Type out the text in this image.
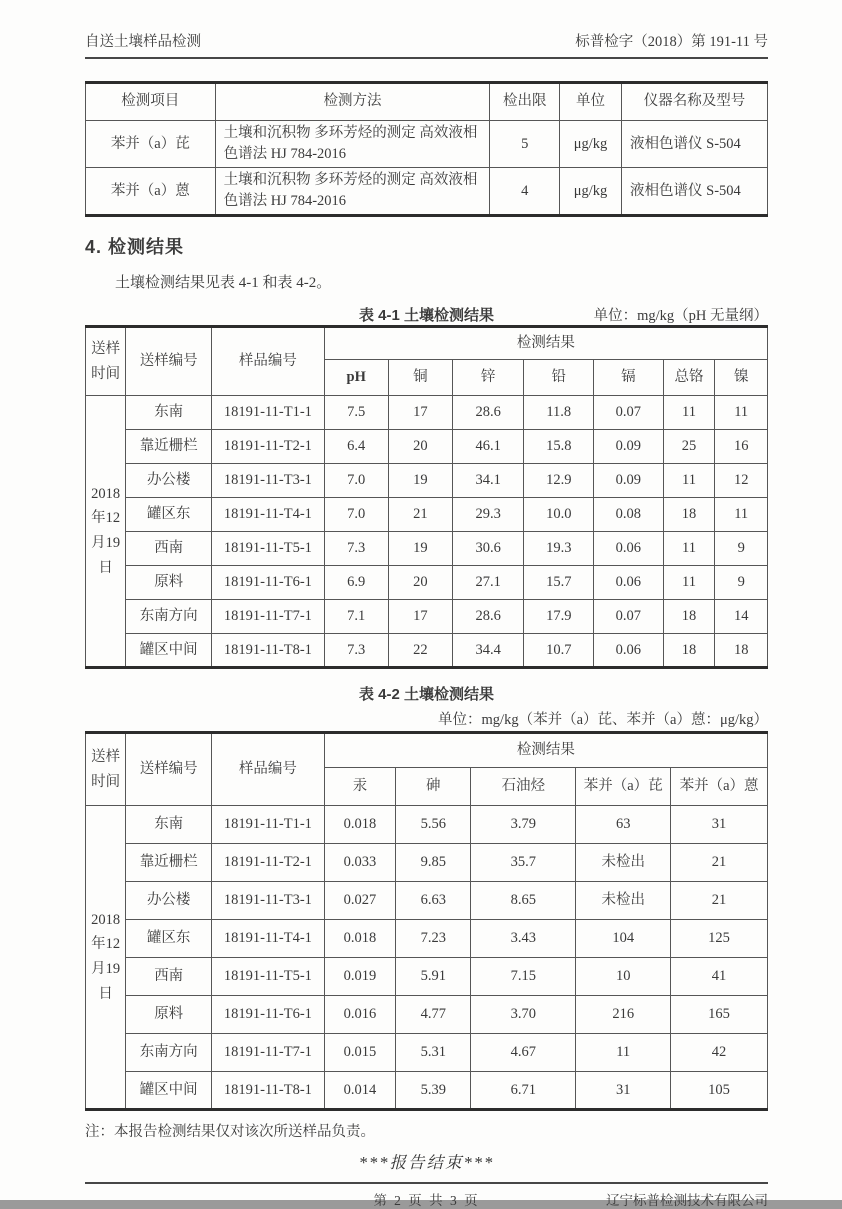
自送土壤样品检测	标普检字（2018）第 191-11 号
检测项目	检测方法	检出限	单位	仪器名称及型号
苯并（a）芘	土壤和沉积物 多环芳烃的测定 高效液相色谱法 HJ 784-2016	5	μg/kg	液相色谱仪 S-504
苯并（a）蒽	土壤和沉积物 多环芳烃的测定 高效液相色谱法 HJ 784-2016	4	μg/kg	液相色谱仪 S-504
4. 检测结果
土壤检测结果见表 4-1 和表 4-2。
表 4-1 土壤检测结果	单位：mg/kg（pH 无量纲）
送样时间	送样编号	样品编号	检测结果						
			pH	铜	锌	铅	镉	总铬	镍
2018年12月19日	东南	18191-11-T1-1	7.5	17	28.6	11.8	0.07	11	11
	靠近栅栏	18191-11-T2-1	6.4	20	46.1	15.8	0.09	25	16
	办公楼	18191-11-T3-1	7.0	19	34.1	12.9	0.09	11	12
	罐区东	18191-11-T4-1	7.0	21	29.3	10.0	0.08	18	11
	西南	18191-11-T5-1	7.3	19	30.6	19.3	0.06	11	9
	原料	18191-11-T6-1	6.9	20	27.1	15.7	0.06	11	9
	东南方向	18191-11-T7-1	7.1	17	28.6	17.9	0.07	18	14
	罐区中间	18191-11-T8-1	7.3	22	34.4	10.7	0.06	18	18
表 4-2 土壤检测结果
单位：mg/kg（苯并（a）芘、苯并（a）蒽：μg/kg）
送样时间	送样编号	样品编号	检测结果				
			汞	砷	石油烃	苯并（a）芘	苯并（a）蒽
2018年12月19日	东南	18191-11-T1-1	0.018	5.56	3.79	63	31
	靠近栅栏	18191-11-T2-1	0.033	9.85	35.7	未检出	21
	办公楼	18191-11-T3-1	0.027	6.63	8.65	未检出	21
	罐区东	18191-11-T4-1	0.018	7.23	3.43	104	125
	西南	18191-11-T5-1	0.019	5.91	7.15	10	41
	原料	18191-11-T6-1	0.016	4.77	3.70	216	165
	东南方向	18191-11-T7-1	0.015	5.31	4.67	11	42
	罐区中间	18191-11-T8-1	0.014	5.39	6.71	31	105
注：本报告检测结果仅对该次所送样品负责。
***报告结束***
第 2 页 共 3 页	辽宁标普检测技术有限公司
